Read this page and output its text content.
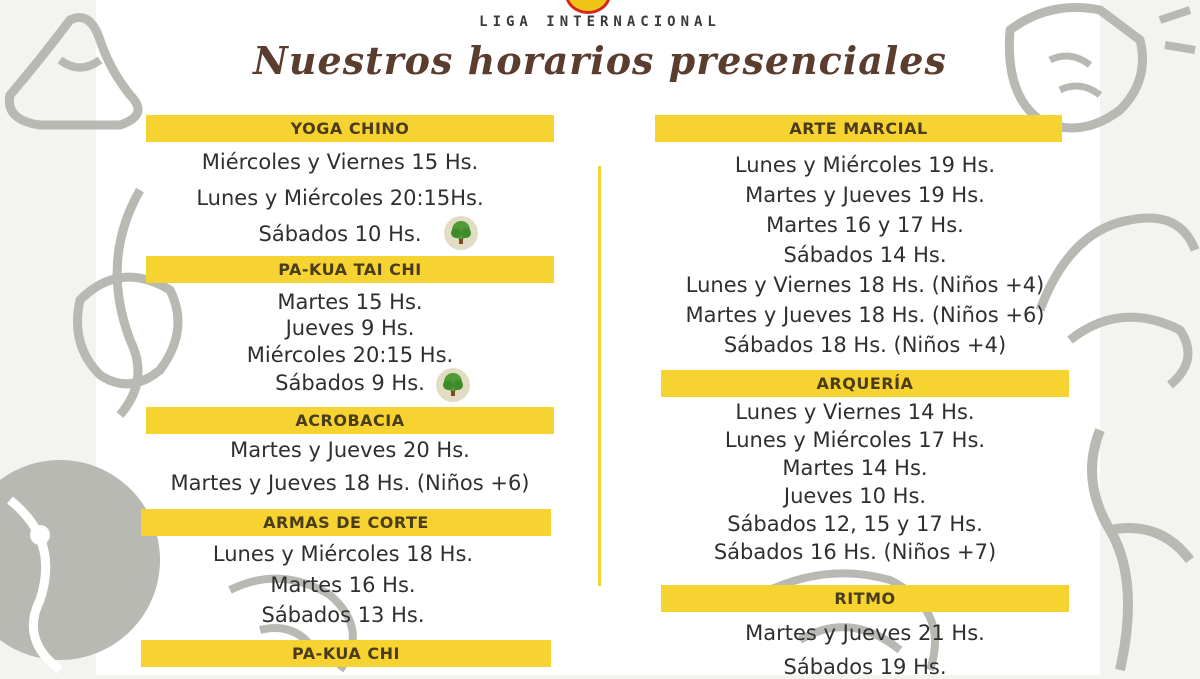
LIGA INTERNACIONAL
Nuestros horarios presenciales
YOGA CHINO
Miércoles y Viernes 15 Hs.
Lunes y Miércoles 20:15Hs.
Sábados 10 Hs.
PA-KUA TAI CHI
Martes 15 Hs.
Jueves 9 Hs.
Miércoles 20:15 Hs.
Sábados 9 Hs.
ACROBACIA
Martes y Jueves 20 Hs.
Martes y Jueves 18 Hs. (Niños +6)
ARMAS DE CORTE
Lunes y Miércoles 18 Hs.
Martes 16 Hs.
Sábados 13 Hs.
PA-KUA CHI
ARTE MARCIAL
Lunes y Miércoles 19 Hs.
Martes y Jueves 19 Hs.
Martes 16 y 17 Hs.
Sábados 14 Hs.
Lunes y Viernes 18 Hs. (Niños +4)
Martes y Jueves 18 Hs. (Niños +6)
Sábados 18 Hs. (Niños +4)
ARQUERÍA
Lunes y Viernes 14 Hs.
Lunes y Miércoles 17 Hs.
Martes 14 Hs.
Jueves 10 Hs.
Sábados 12, 15 y 17 Hs.
Sábados 16 Hs. (Niños +7)
RITMO
Martes y Jueves 21 Hs.
Sábados 19 Hs.
